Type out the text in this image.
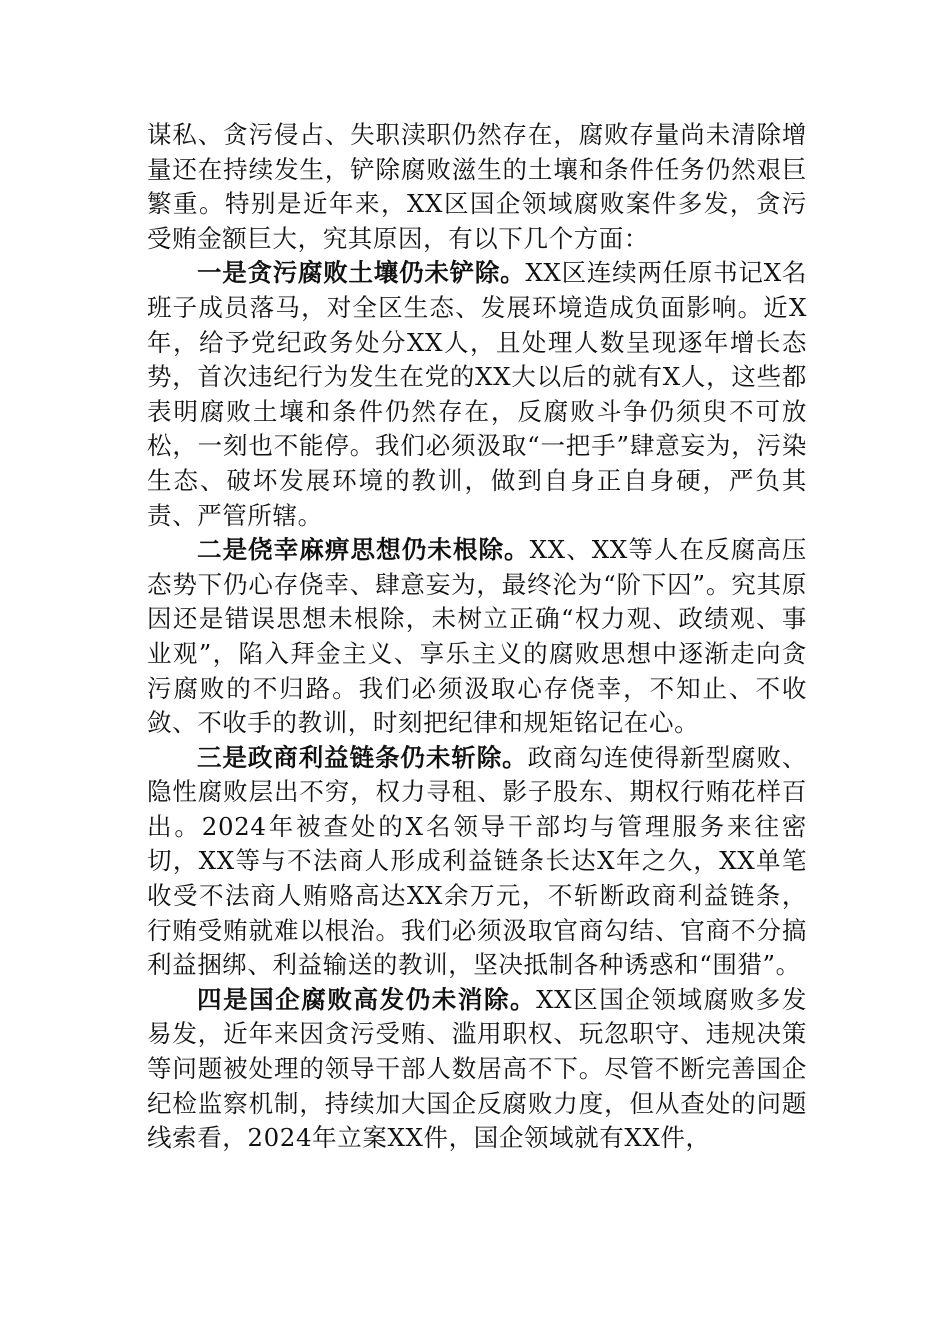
谋私、贪污侵占、失职渎职仍然存在，腐败存量尚未清除增量还在持续发生，铲除腐败滋生的土壤和条件任务仍然艰巨繁重。特别是近年来，XX区国企领域腐败案件多发，贪污受贿金额巨大，究其原因，有以下几个方面：

一是贪污腐败土壤仍未铲除。XX区连续两任原书记X名班子成员落马，对全区生态、发展环境造成负面影响。近X年，给予党纪政务处分XX人，且处理人数呈现逐年增长态势，首次违纪行为发生在党的XX大以后的就有X人，这些都表明腐败土壤和条件仍然存在，反腐败斗争仍须臾不可放松，一刻也不能停。我们必须汲取“一把手”肆意妄为，污染生态、破坏发展环境的教训，做到自身正自身硬，严负其责、严管所辖。

二是侥幸麻痹思想仍未根除。XX、XX等人在反腐高压态势下仍心存侥幸、肆意妄为，最终沦为“阶下囚”。究其原因还是错误思想未根除，未树立正确“权力观、政绩观、事业观”，陷入拜金主义、享乐主义的腐败思想中逐渐走向贪污腐败的不归路。我们必须汲取心存侥幸，不知止、不收敛、不收手的教训，时刻把纪律和规矩铭记在心。

三是政商利益链条仍未斩除。政商勾连使得新型腐败、隐性腐败层出不穷，权力寻租、影子股东、期权行贿花样百出。2024年被查处的X名领导干部均与管理服务来往密切，XX等与不法商人形成利益链条长达X年之久，XX单笔收受不法商人贿赂高达XX余万元，不斩断政商利益链条，行贿受贿就难以根治。我们必须汲取官商勾结、官商不分搞利益捆绑、利益输送的教训，坚决抵制各种诱惑和“围猎”。

四是国企腐败高发仍未消除。XX区国企领域腐败多发易发，近年来因贪污受贿、滥用职权、玩忽职守、违规决策等问题被处理的领导干部人数居高不下。尽管不断完善国企纪检监察机制，持续加大国企反腐败力度，但从查处的问题线索看，2024年立案XX件，国企领域就有XX件，
